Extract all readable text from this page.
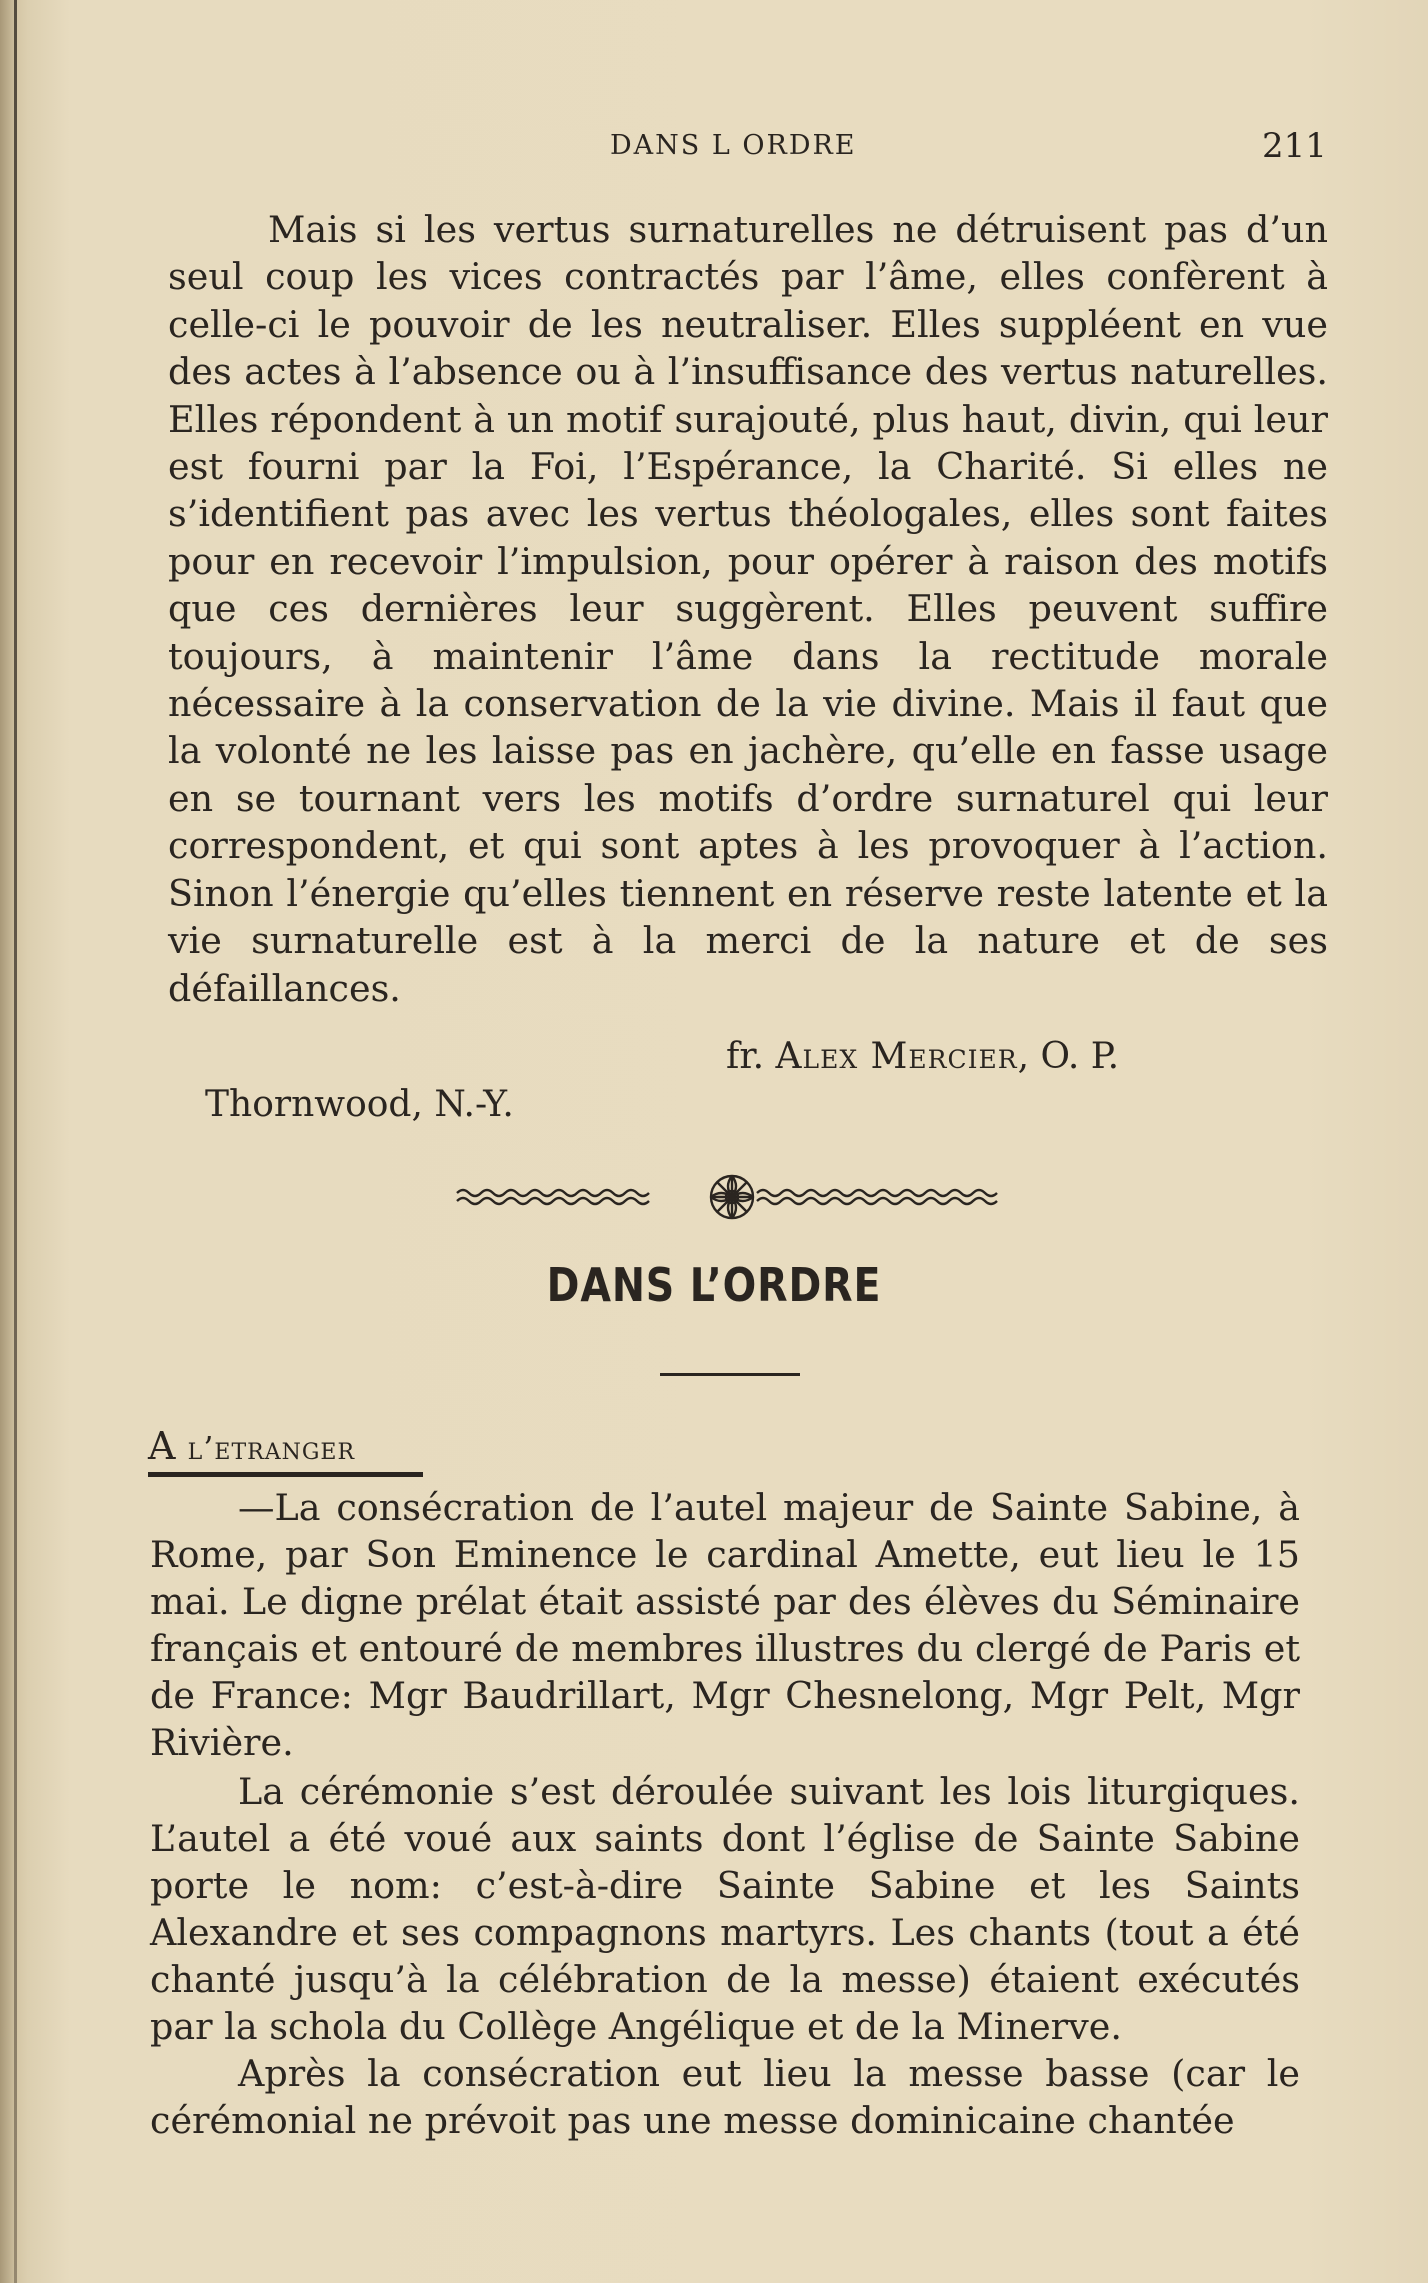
DANS L ORDRE	211

Mais si les vertus surnaturelles ne détruisent pas d’un seul coup les vices contractés par l’âme, elles confèrent à celle-ci le pouvoir de les neutraliser. Elles suppléent en vue des actes à l’absence ou à l’insuffisance des vertus naturelles. Elles répondent à un motif surajouté, plus haut, divin, qui leur est fourni par la Foi, l’Espérance, la Charité. Si elles ne s’identifient pas avec les vertus théologales, elles sont faites pour en recevoir l’impulsion, pour opérer à raison des motifs que ces dernières leur suggèrent. Elles peuvent suffire toujours, à maintenir l’âme dans la rectitude morale nécessaire à la conservation de la vie divine. Mais il faut que la volonté ne les laisse pas en jachère, qu’elle en fasse usage en se tournant vers les motifs d’ordre surnaturel qui leur correspondent, et qui sont aptes à les provoquer à l’action. Sinon l’énergie qu’elles tiennent en réserve reste latente et la vie surnaturelle est à la merci de la nature et de ses défaillances.

fr. Alex Mercier, O. P.
Thornwood, N.-Y.
DANS L’ORDRE
A l’etranger

—La consécration de l’autel majeur de Sainte Sabine, à Rome, par Son Eminence le cardinal Amette, eut lieu le 15 mai. Le digne prélat était assisté par des élèves du Séminaire français et entouré de membres illustres du clergé de Paris et de France: Mgr Baudrillart, Mgr Chesnelong, Mgr Pelt, Mgr Rivière.

La cérémonie s’est déroulée suivant les lois liturgiques. L’autel a été voué aux saints dont l’église de Sainte Sabine porte le nom: c’est-à-dire Sainte Sabine et les Saints Alexandre et ses compagnons martyrs. Les chants (tout a été chanté jusqu’à la célébration de la messe) étaient exécutés par la schola du Collège Angélique et de la Minerve.

Après la consécration eut lieu la messe basse (car le cérémonial ne prévoit pas une messe dominicaine chantée
